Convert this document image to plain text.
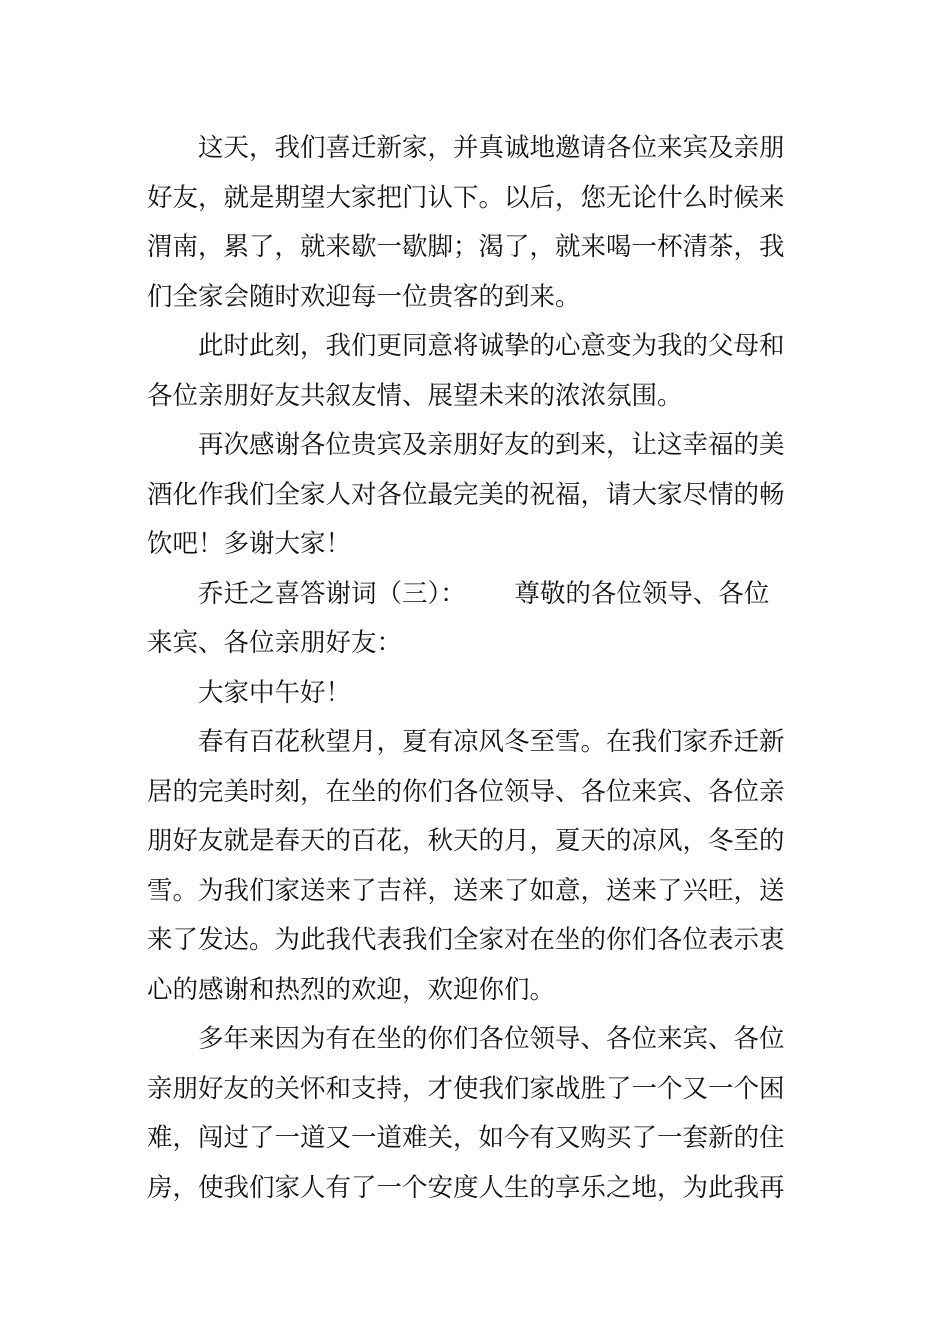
这天，我们喜迁新家，并真诚地邀请各位来宾及亲朋
好友，就是期望大家把门认下。以后，您无论什么时候来
渭南，累了，就来歇一歇脚；渴了，就来喝一杯清茶，我
们全家会随时欢迎每一位贵客的到来。
此时此刻，我们更同意将诚挚的心意变为我的父母和
各位亲朋好友共叙友情、展望未来的浓浓氛围。
再次感谢各位贵宾及亲朋好友的到来，让这幸福的美
酒化作我们全家人对各位最完美的祝福，请大家尽情的畅
饮吧！多谢大家！
乔迁之喜答谢词（三）：      尊敬的各位领导、各位
来宾、各位亲朋好友：
大家中午好！
春有百花秋望月，夏有凉风冬至雪。在我们家乔迁新
居的完美时刻，在坐的你们各位领导、各位来宾、各位亲
朋好友就是春天的百花，秋天的月，夏天的凉风，冬至的
雪。为我们家送来了吉祥，送来了如意，送来了兴旺，送
来了发达。为此我代表我们全家对在坐的你们各位表示衷
心的感谢和热烈的欢迎，欢迎你们。
多年来因为有在坐的你们各位领导、各位来宾、各位
亲朋好友的关怀和支持，才使我们家战胜了一个又一个困
难，闯过了一道又一道难关，如今有又购买了一套新的住
房，使我们家人有了一个安度人生的享乐之地，为此我再
